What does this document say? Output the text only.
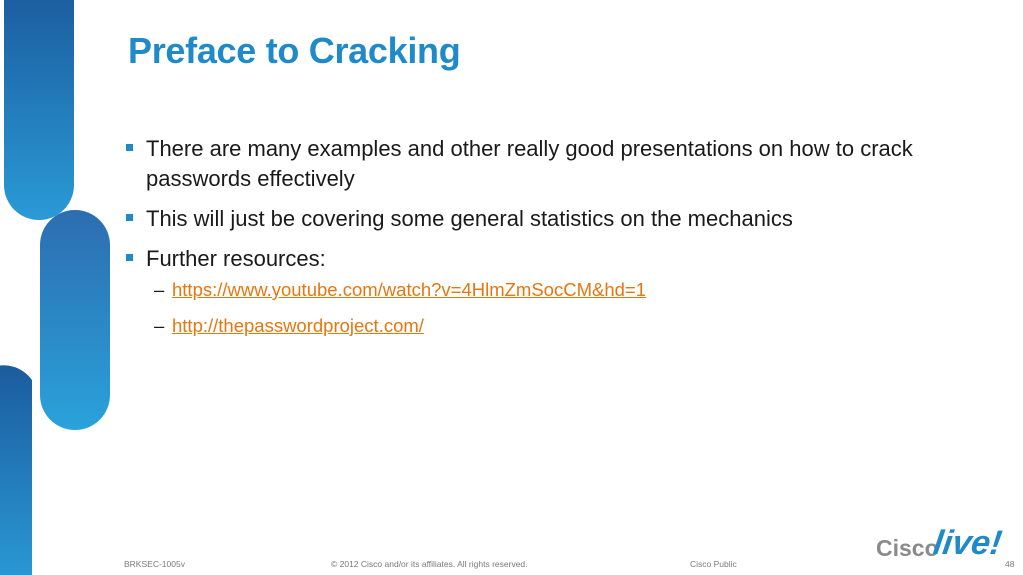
Preface to Cracking
There are many examples and other really good presentations on how to crack passwords effectively
This will just be covering some general statistics on the mechanics
Further resources:
– https://www.youtube.com/watch?v=4HlmZmSocCM&hd=1
– http://thepasswordproject.com/
BRKSEC-1005v	© 2012 Cisco and/or its affiliates. All rights reserved.	Cisco Public	48
Cisco
live!
